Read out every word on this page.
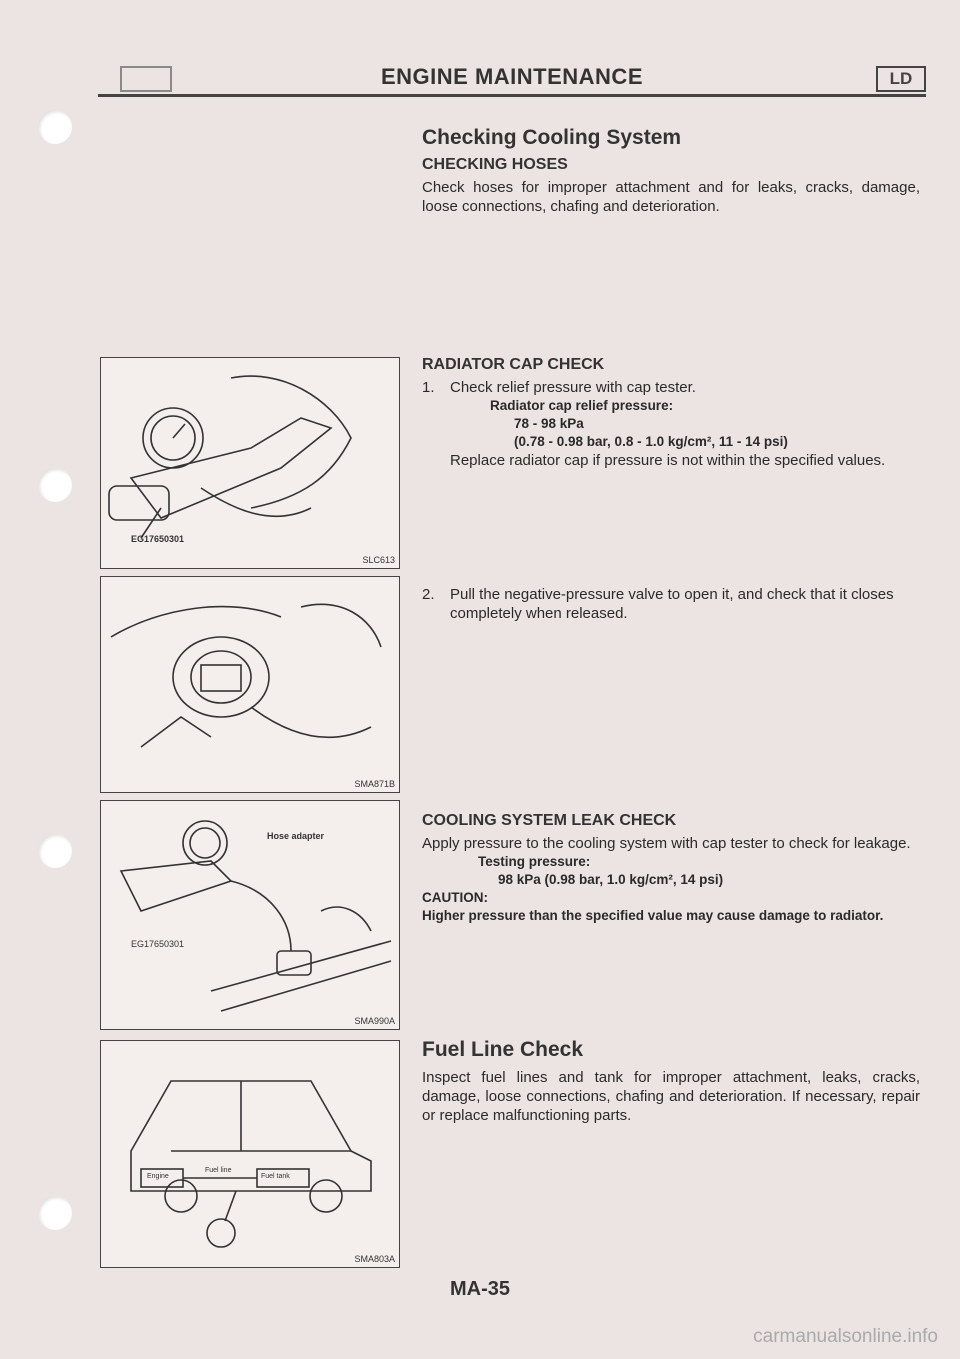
ENGINE MAINTENANCE	LD
Checking Cooling System
CHECKING HOSES

Check hoses for improper attachment and for leaks, cracks, damage, loose connections, chafing and deterioration.

RADIATOR CAP CHECK
1.	Check relief pressure with cap tester.
Radiator cap relief pressure:
78 - 98 kPa
(0.78 - 0.98 bar, 0.8 - 1.0 kg/cm², 11 - 14 psi)

Replace radiator cap if pressure is not within the specified values.

2.	Pull the negative-pressure valve to open it, and check that it closes completely when released.
COOLING SYSTEM LEAK CHECK

Apply pressure to the cooling system with cap tester to check for leakage.

Testing pressure:
98 kPa (0.98 bar, 1.0 kg/cm², 14 psi)
CAUTION:
Higher pressure than the specified value may cause damage to radiator.
Fuel Line Check

Inspect fuel lines and tank for improper attachment, leaks, cracks, damage, loose connections, chafing and deterioration. If necessary, repair or replace malfunctioning parts.

EG17650301
SLC613
SMA871B
Hose adapter
EG17650301
SMA990A
Engine
Fuel line
Fuel tank
SMA803A
MA-35
carmanualsonline.info
